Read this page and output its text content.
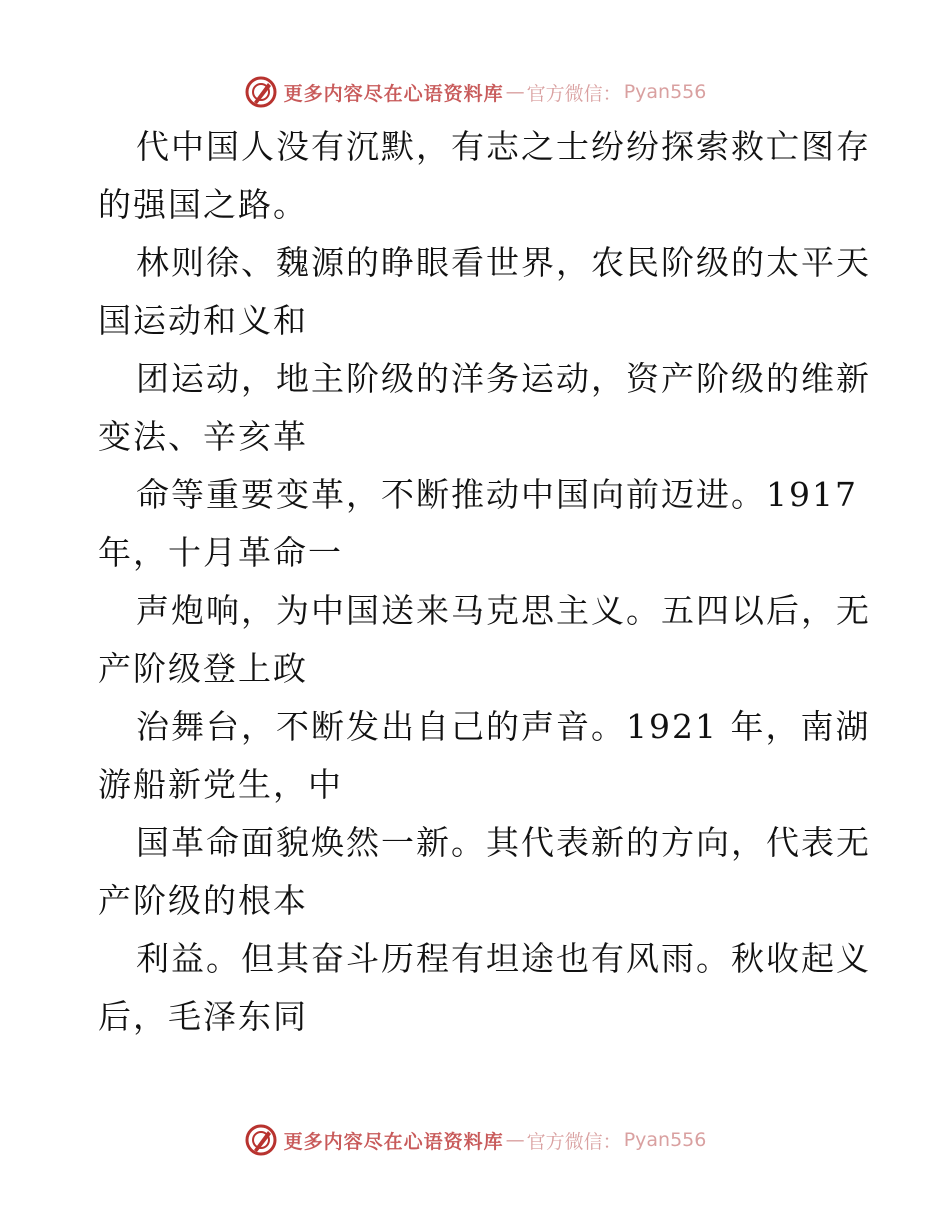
更多内容尽在心语资料库 — 官方微信： Pyan556
代中国人没有沉默，有志之士纷纷探索救亡图存
的强国之路。
林则徐、魏源的睁眼看世界，农民阶级的太平天
国运动和义和
团运动，地主阶级的洋务运动，资产阶级的维新
变法、辛亥革
命等重要变革，不断推动中国向前迈进。1917
年，十月革命一
声炮响，为中国送来马克思主义。五四以后，无
产阶级登上政
治舞台，不断发出自己的声音。1921 年，南湖
游船新党生，中
国革命面貌焕然一新。其代表新的方向，代表无
产阶级的根本
利益。但其奋斗历程有坦途也有风雨。秋收起义
后，毛泽东同
更多内容尽在心语资料库 — 官方微信： Pyan556
